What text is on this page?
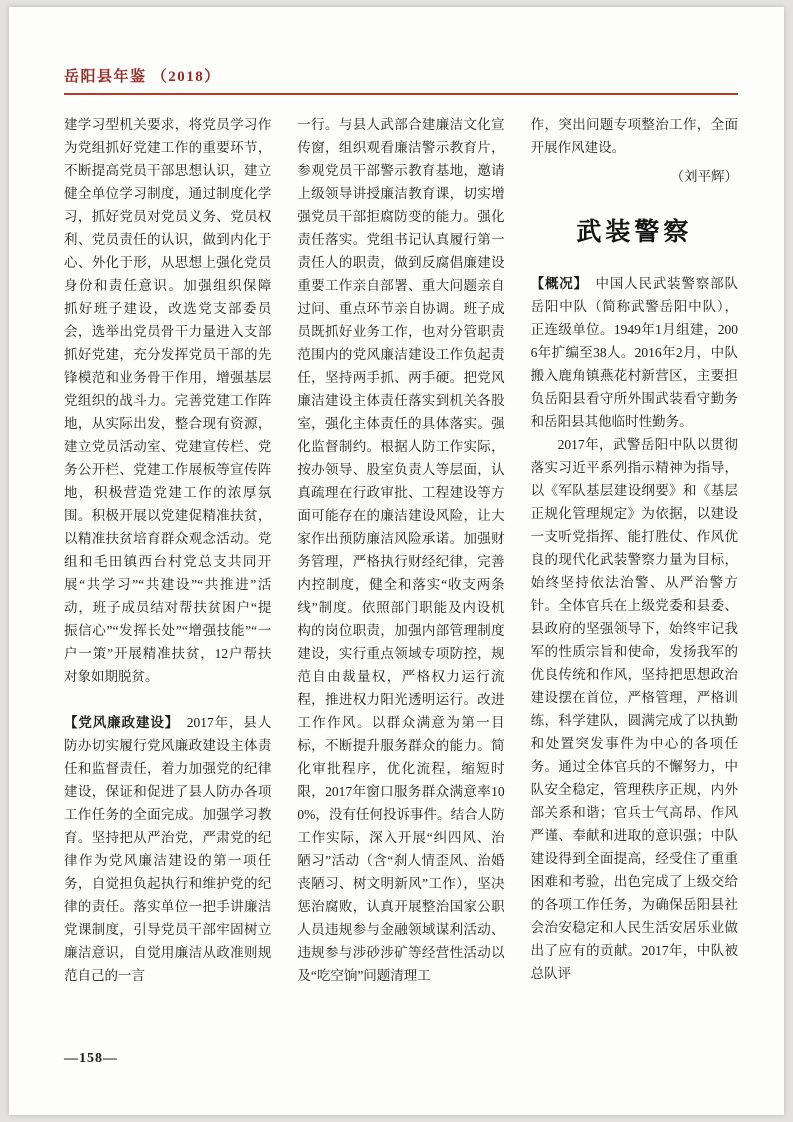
岳阳县年鉴 （2018）

建学习型机关要求，将党员学习作为党组抓好党建工作的重要环节，不断提高党员干部思想认识，建立健全单位学习制度，通过制度化学习，抓好党员对党员义务、党员权利、党员责任的认识，做到内化于心、外化于形，从思想上强化党员身份和责任意识。加强组织保障　抓好班子建设，改选党支部委员会，选举出党员骨干力量进入支部抓好党建，充分发挥党员干部的先锋模范和业务骨干作用，增强基层党组织的战斗力。完善党建工作阵地，从实际出发，整合现有资源，建立党员活动室、党建宣传栏、党务公开栏、党建工作展板等宣传阵地，积极营造党建工作的浓厚氛围。积极开展以党建促精准扶贫，以精准扶贫培育群众观念活动。党组和毛田镇西台村党总支共同开展“共学习”“共建设”“共推进”活动，班子成员结对帮扶贫困户“提振信心”“发挥长处”“增强技能”“一户一策”开展精准扶贫，12户帮扶对象如期脱贫。

【党风廉政建设】　2017年，县人防办切实履行党风廉政建设主体责任和监督责任，着力加强党的纪律建设，保证和促进了县人防办各项工作任务的全面完成。加强学习教育。坚持把从严治党，严肃党的纪律作为党风廉洁建设的第一项任务，自觉担负起执行和维护党的纪律的责任。落实单位一把手讲廉洁党课制度，引导党员干部牢固树立廉洁意识，自觉用廉洁从政准则规范自己的一言

一行。与县人武部合建廉洁文化宣传窗，组织观看廉洁警示教育片，参观党员干部警示教育基地，邀请上级领导讲授廉洁教育课，切实增强党员干部拒腐防变的能力。强化责任落实。党组书记认真履行第一责任人的职责，做到反腐倡廉建设重要工作亲自部署、重大问题亲自过问、重点环节亲自协调。班子成员既抓好业务工作，也对分管职责范围内的党风廉洁建设工作负起责任，坚持两手抓、两手硬。把党风廉洁建设主体责任落实到机关各股室，强化主体责任的具体落实。强化监督制约。根据人防工作实际，按办领导、股室负责人等层面，认真疏理在行政审批、工程建设等方面可能存在的廉洁建设风险，让大家作出预防廉洁风险承诺。加强财务管理，严格执行财经纪律，完善内控制度，健全和落实“收支两条线”制度。依照部门职能及内设机构的岗位职责，加强内部管理制度建设，实行重点领域专项防控，规范自由裁量权，严格权力运行流程，推进权力阳光透明运行。改进工作作风。以群众满意为第一目标，不断提升服务群众的能力。简化审批程序，优化流程，缩短时限，2017年窗口服务群众满意率100%，没有任何投诉事件。结合人防工作实际，深入开展“纠四风、治陋习”活动（含“刹人情歪风、治婚丧陋习、树文明新风”工作），坚决惩治腐败，认真开展整治国家公职人员违规参与金融领域谋利活动、违规参与涉砂涉矿等经营性活动以及“吃空饷”问题清理工

作，突出问题专项整治工作，全面开展作风建设。

（刘平辉）

武装警察

【概况】　中国人民武装警察部队岳阳中队（简称武警岳阳中队），正连级单位。1949年1月组建，2006年扩编至38人。2016年2月，中队搬入鹿角镇燕花村新营区，主要担负岳阳县看守所外围武装看守勤务和岳阳县其他临时性勤务。

2017年，武警岳阳中队以贯彻落实习近平系列指示精神为指导，以《军队基层建设纲要》和《基层正规化管理规定》为依据，以建设一支听党指挥、能打胜仗、作风优良的现代化武装警察力量为目标，始终坚持依法治警、从严治警方针。全体官兵在上级党委和县委、县政府的坚强领导下，始终牢记我军的性质宗旨和使命，发扬我军的优良传统和作风，坚持把思想政治建设摆在首位，严格管理，严格训练，科学建队，圆满完成了以执勤和处置突发事件为中心的各项任务。通过全体官兵的不懈努力，中队安全稳定，管理秩序正规，内外部关系和谐；官兵士气高昂、作风严谨、奉献和进取的意识强；中队建设得到全面提高，经受住了重重困难和考验，出色完成了上级交给的各项工作任务，为确保岳阳县社会治安稳定和人民生活安居乐业做出了应有的贡献。2017年，中队被总队评

—158—
